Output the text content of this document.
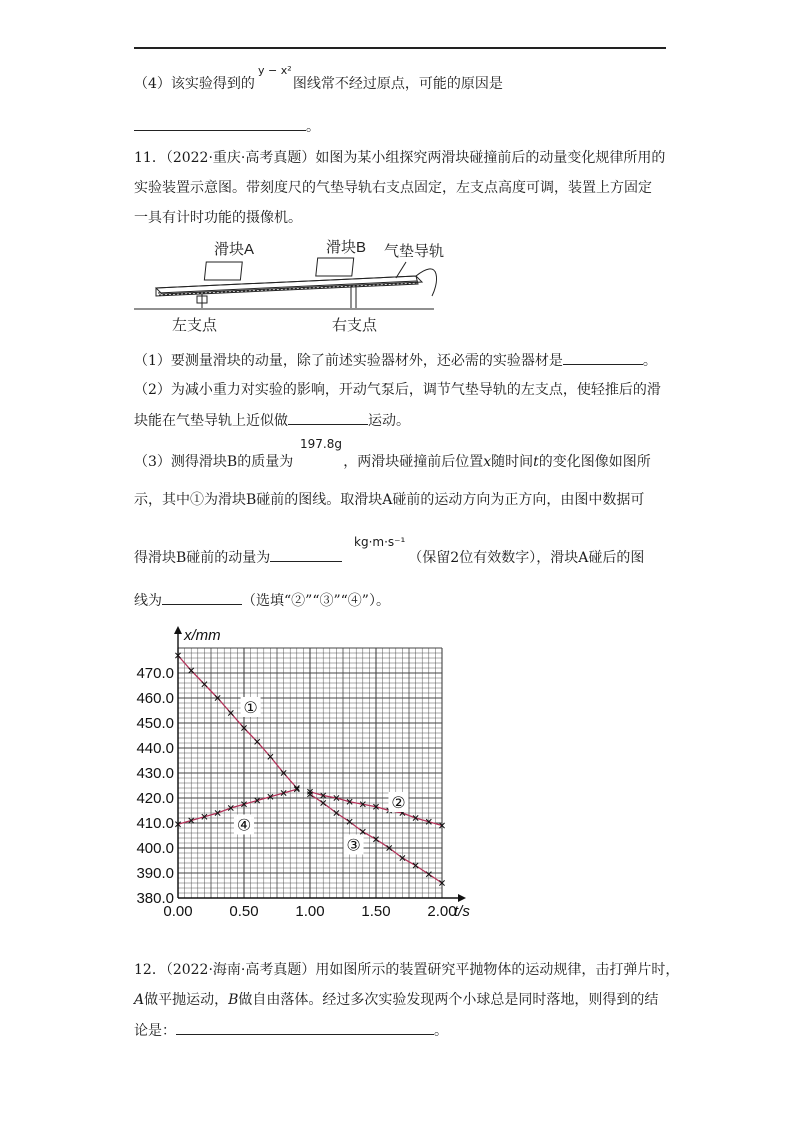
（4）该实验得到的	图线常不经过原点，可能的原因是
y − x²
。
11．（2022·重庆·高考真题）如图为某小组探究两滑块碰撞前后的动量变化规律所用的
实验装置示意图。带刻度尺的气垫导轨右支点固定，左支点高度可调，装置上方固定
一具有计时功能的摄像机。
滑块A	滑块B 气垫导轨
左支点	右支点
（1）要测量滑块的动量，除了前述实验器材外，还必需的实验器材是	。
（2）为减小重力对实验的影响，开动气泵后，调节气垫导轨的左支点，使轻推后的滑
块能在气垫导轨上近似做	运动。
（3）测得滑块B的质量为	，两滑块碰撞前后位置x随时间t的变化图像如图所
197.8g
示，其中①为滑块B碰前的图线。取滑块A碰前的运动方向为正方向，由图中数据可
得滑块B碰前的动量为	（保留2位有效数字），滑块A碰后的图
kg·m·s⁻¹
线为	（选填“②”“③”“④”）。
380.0
390.0
400.0
410.0
420.0
430.0
440.0
450.0
460.0
470.0
0.00 0.50 1.00 1.50 2.00
x/mm
t/s
①
②
③
④
12．（2022·海南·高考真题）用如图所示的装置研究平抛物体的运动规律，击打弹片时，
A做平抛运动，B做自由落体。经过多次实验发现两个小球总是同时落地，则得到的结
论是：	。
